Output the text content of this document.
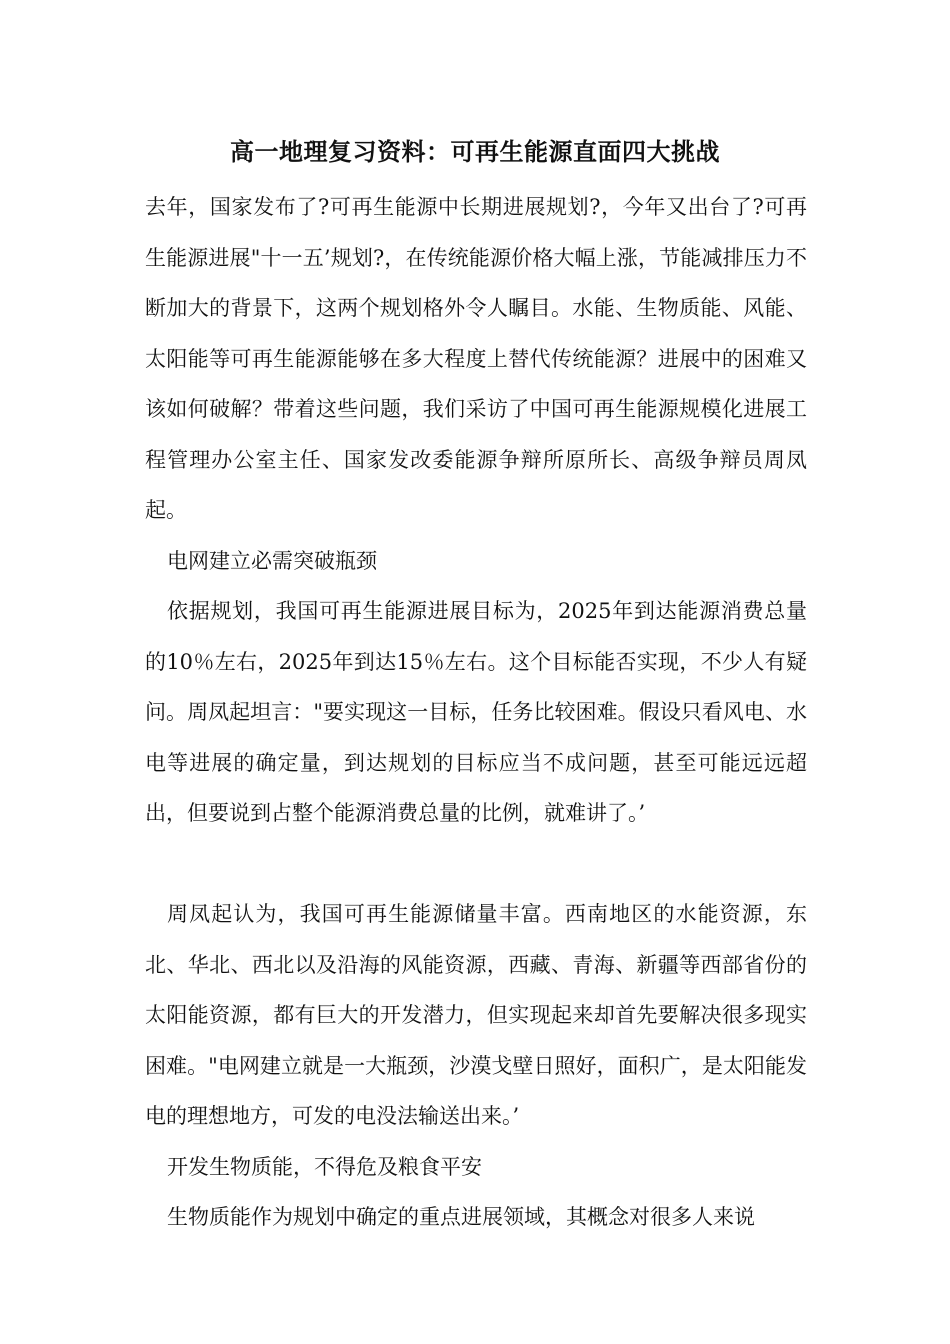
高一地理复习资料：可再生能源直面四大挑战

去年，国家发布了?可再生能源中长期进展规划?，今年又出台了?可再生能源进展"十一五’规划?，在传统能源价格大幅上涨，节能减排压力不断加大的背景下，这两个规划格外令人瞩目。水能、生物质能、风能、太阳能等可再生能源能够在多大程度上替代传统能源？进展中的困难又该如何破解？带着这些问题，我们采访了中国可再生能源规模化进展工程管理办公室主任、国家发改委能源争辩所原所长、高级争辩员周凤起。

电网建立必需突破瓶颈

依据规划，我国可再生能源进展目标为，2025年到达能源消费总量的10％左右，2025年到达15％左右。这个目标能否实现，不少人有疑问。周凤起坦言："要实现这一目标，任务比较困难。假设只看风电、水电等进展的确定量，到达规划的目标应当不成问题，甚至可能远远超出，但要说到占整个能源消费总量的比例，就难讲了。’

周凤起认为，我国可再生能源储量丰富。西南地区的水能资源，东北、华北、西北以及沿海的风能资源，西藏、青海、新疆等西部省份的太阳能资源，都有巨大的开发潜力，但实现起来却首先要解决很多现实困难。"电网建立就是一大瓶颈，沙漠戈壁日照好，面积广，是太阳能发电的理想地方，可发的电没法输送出来。’

开发生物质能，不得危及粮食平安

生物质能作为规划中确定的重点进展领域，其概念对很多人来说
